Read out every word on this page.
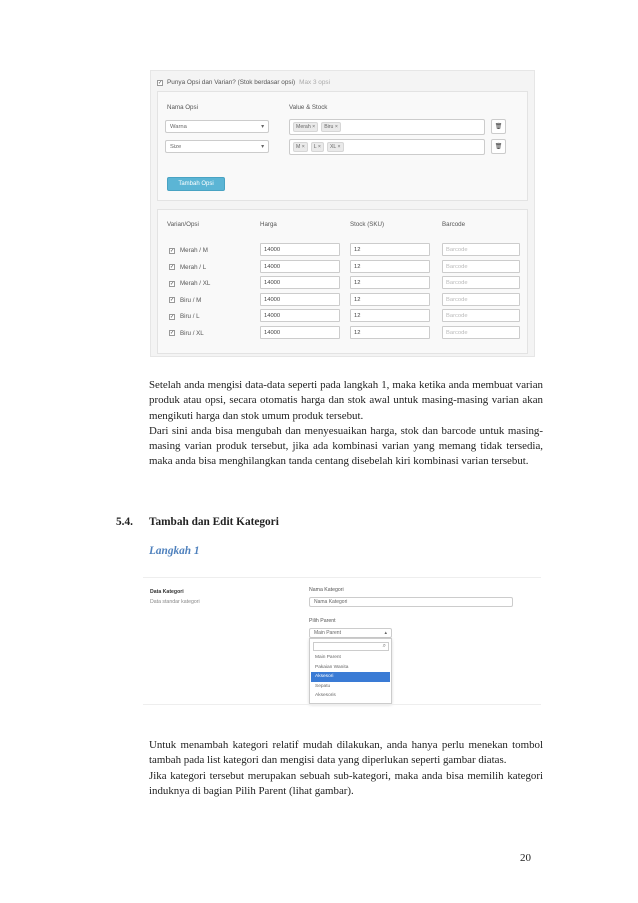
✓ Punya Opsi dan Varian? (Stok berdasar opsi) Max 3 opsi
Nama Opsi	Value & Stock
Warna	▾	Merah ×	Biru ×	🗑
Size	▾	M ×	L ×	XL ×	🗑
Tambah Opsi
Varian/Opsi	Harga	Stock (SKU)	Barcode
✓ Merah / M	14000	12	Barcode
✓ Merah / L	14000	12	Barcode
✓ Merah / XL	14000	12	Barcode
✓ Biru / M	14000	12	Barcode
✓ Biru / L	14000	12	Barcode
✓ Biru / XL	14000	12	Barcode

Setelah anda mengisi data-data seperti pada langkah 1, maka ketika anda membuat varian produk atau opsi, secara otomatis harga dan stok awal untuk masing-masing varian akan mengikuti harga dan stok umum produk tersebut.

Dari sini anda bisa mengubah dan menyesuaikan harga, stok dan barcode untuk masing-masing varian produk tersebut, jika ada kombinasi varian yang memang tidak tersedia, maka anda bisa menghilangkan tanda centang disebelah kiri kombinasi varian tersebut.

5.4. Tambah dan Edit Kategori
Langkah 1
Data Kategori
Data standar kategori
Nama Kategori
Nama Kategori
Pilih Parent
Main Parent	▴
⌕
Main Parent
Pakaian Wanita
Aksesori
Sepatu
Aksesoris

Untuk menambah kategori relatif mudah dilakukan, anda hanya perlu menekan tombol tambah pada list kategori dan mengisi data yang diperlukan seperti gambar diatas.

Jika kategori tersebut merupakan sebuah sub-kategori, maka anda bisa memilih kategori induknya di bagian Pilih Parent (lihat gambar).

20
